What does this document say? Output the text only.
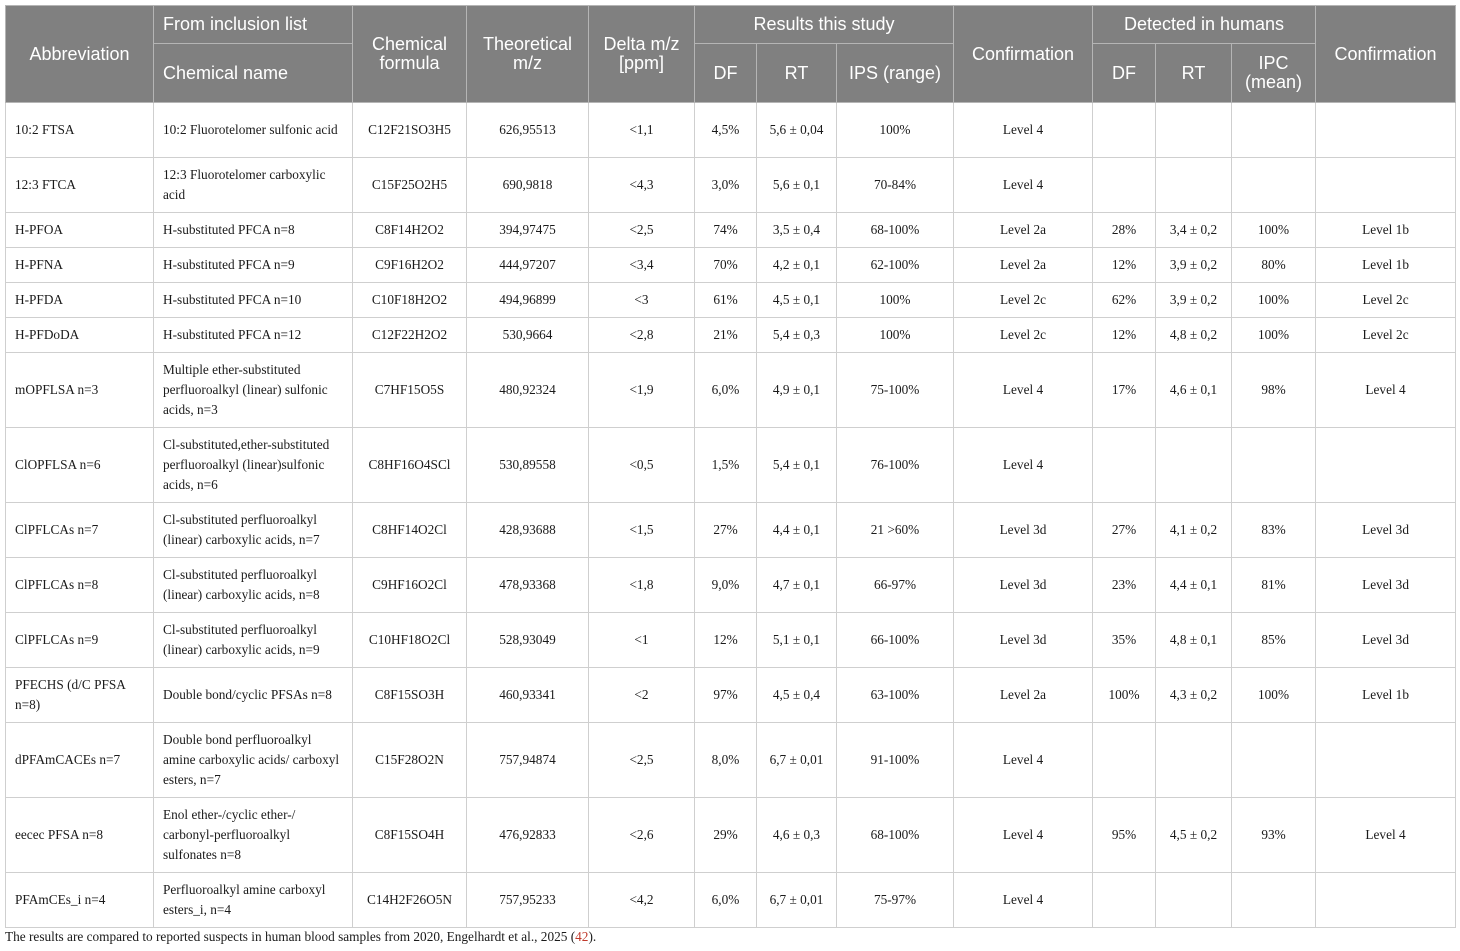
Abbreviation	From inclusion list	Chemical formula	Theoretical m/z	Delta m/z [ppm]	Results this study			Confirmation	Detected in humans			Confirmation
	Chemical name				DF	RT	IPS (range)		DF	RT	IPC (mean)	
10:2 FTSA	10:2 Fluorotelomer sulfonic acid	C12F21SO3H5	626,95513	<1,1	4,5%	5,6 ± 0,04	100%	Level 4				
12:3 FTCA	12:3 Fluorotelomer carboxylic acid	C15F25O2H5	690,9818	<4,3	3,0%	5,6 ± 0,1	70-84%	Level 4				
H-PFOA	H-substituted PFCA n=8	C8F14H2O2	394,97475	<2,5	74%	3,5 ± 0,4	68-100%	Level 2a	28%	3,4 ± 0,2	100%	Level 1b
H-PFNA	H-substituted PFCA n=9	C9F16H2O2	444,97207	<3,4	70%	4,2 ± 0,1	62-100%	Level 2a	12%	3,9 ± 0,2	80%	Level 1b
H-PFDA	H-substituted PFCA n=10	C10F18H2O2	494,96899	<3	61%	4,5 ± 0,1	100%	Level 2c	62%	3,9 ± 0,2	100%	Level 2c
H-PFDoDA	H-substituted PFCA n=12	C12F22H2O2	530,9664	<2,8	21%	5,4 ± 0,3	100%	Level 2c	12%	4,8 ± 0,2	100%	Level 2c
mOPFLSA n=3	Multiple ether-substituted perfluoroalkyl (linear) sulfonic acids, n=3	C7HF15O5S	480,92324	<1,9	6,0%	4,9 ± 0,1	75-100%	Level 4	17%	4,6 ± 0,1	98%	Level 4
ClOPFLSA n=6	Cl-substituted,ether-substituted perfluoroalkyl (linear)sulfonic acids, n=6	C8HF16O4SCl	530,89558	<0,5	1,5%	5,4 ± 0,1	76-100%	Level 4				
ClPFLCAs n=7	Cl-substituted perfluoroalkyl (linear) carboxylic acids, n=7	C8HF14O2Cl	428,93688	<1,5	27%	4,4 ± 0,1	21 >60%	Level 3d	27%	4,1 ± 0,2	83%	Level 3d
ClPFLCAs n=8	Cl-substituted perfluoroalkyl (linear) carboxylic acids, n=8	C9HF16O2Cl	478,93368	<1,8	9,0%	4,7 ± 0,1	66-97%	Level 3d	23%	4,4 ± 0,1	81%	Level 3d
ClPFLCAs n=9	Cl-substituted perfluoroalkyl (linear) carboxylic acids, n=9	C10HF18O2Cl	528,93049	<1	12%	5,1 ± 0,1	66-100%	Level 3d	35%	4,8 ± 0,1	85%	Level 3d
PFECHS (d/C PFSA n=8)	Double bond/cyclic PFSAs n=8	C8F15SO3H	460,93341	<2	97%	4,5 ± 0,4	63-100%	Level 2a	100%	4,3 ± 0,2	100%	Level 1b
dPFAmCACEs n=7	Double bond perfluoroalkyl amine carboxylic acids/ carboxyl esters, n=7	C15F28O2N	757,94874	<2,5	8,0%	6,7 ± 0,01	91-100%	Level 4				
eecec PFSA n=8	Enol ether-/cyclic ether-/ carbonyl-perfluoroalkyl sulfonates n=8	C8F15SO4H	476,92833	<2,6	29%	4,6 ± 0,3	68-100%	Level 4	95%	4,5 ± 0,2	93%	Level 4
PFAmCEs_i n=4	Perfluoroalkyl amine carboxyl esters_i, n=4	C14H2F26O5N	757,95233	<4,2	6,0%	6,7 ± 0,01	75-97%	Level 4				
The results are compared to reported suspects in human blood samples from 2020, Engelhardt et al., 2025 (42).
